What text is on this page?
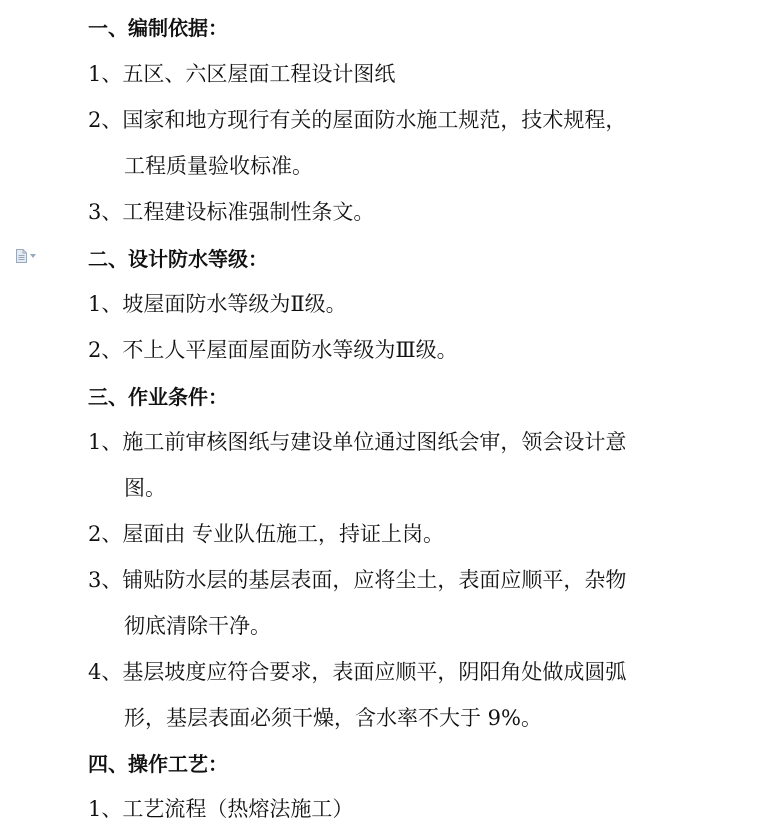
一、编制依据：
1、五区、六区屋面工程设计图纸
2、国家和地方现行有关的屋面防水施工规范，技术规程，
工程质量验收标准。
3、工程建设标准强制性条文。
二、设计防水等级：
1、坡屋面防水等级为Ⅱ级。
2、不上人平屋面屋面防水等级为Ⅲ级。
三、作业条件：
1、施工前审核图纸与建设单位通过图纸会审，领会设计意
图。
2、屋面由 专业队伍施工，持证上岗。
3、铺贴防水层的基层表面，应将尘土，表面应顺平，杂物
彻底清除干净。
4、基层坡度应符合要求，表面应顺平，阴阳角处做成圆弧
形，基层表面必须干燥，含水率不大于 9%。
四、操作工艺：
1、工艺流程（热熔法施工）
